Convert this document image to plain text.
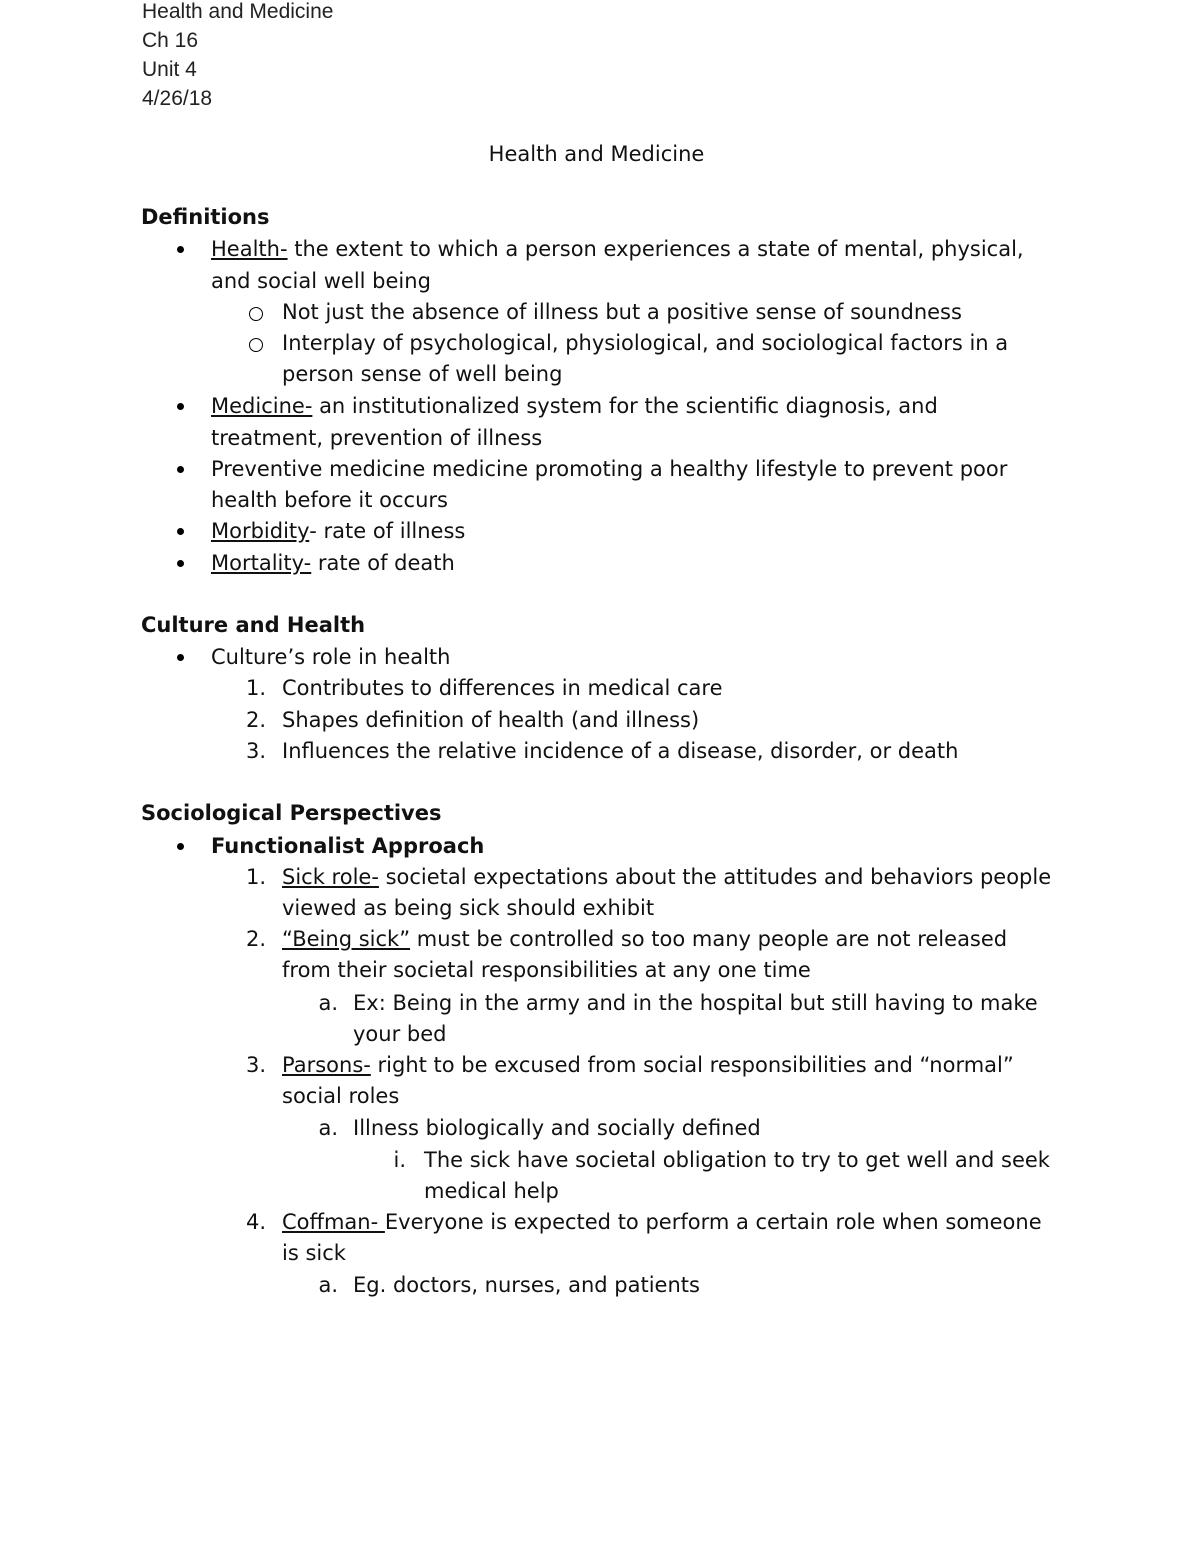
Health and Medicine
Ch 16
Unit 4
4/26/18
Health and Medicine
Definitions
Health- the extent to which a person experiences a state of mental, physical,
and social well being
Not just the absence of illness but a positive sense of soundness
Interplay of psychological, physiological, and sociological factors in a
person sense of well being
Medicine- an institutionalized system for the scientific diagnosis, and
treatment, prevention of illness
Preventive medicine medicine promoting a healthy lifestyle to prevent poor
health before it occurs
Morbidity- rate of illness
Mortality- rate of death
Culture and Health
Culture’s role in health
1. Contributes to differences in medical care
2. Shapes definition of health (and illness)
3. Influences the relative incidence of a disease, disorder, or death
Sociological Perspectives
Functionalist Approach
1. Sick role- societal expectations about the attitudes and behaviors people
viewed as being sick should exhibit
2. “Being sick” must be controlled so too many people are not released
from their societal responsibilities at any one time
a. Ex: Being in the army and in the hospital but still having to make
your bed
3. Parsons- right to be excused from social responsibilities and “normal”
social roles
a. Illness biologically and socially defined
i. The sick have societal obligation to try to get well and seek
medical help
4. Coffman- Everyone is expected to perform a certain role when someone
is sick
a. Eg. doctors, nurses, and patients
